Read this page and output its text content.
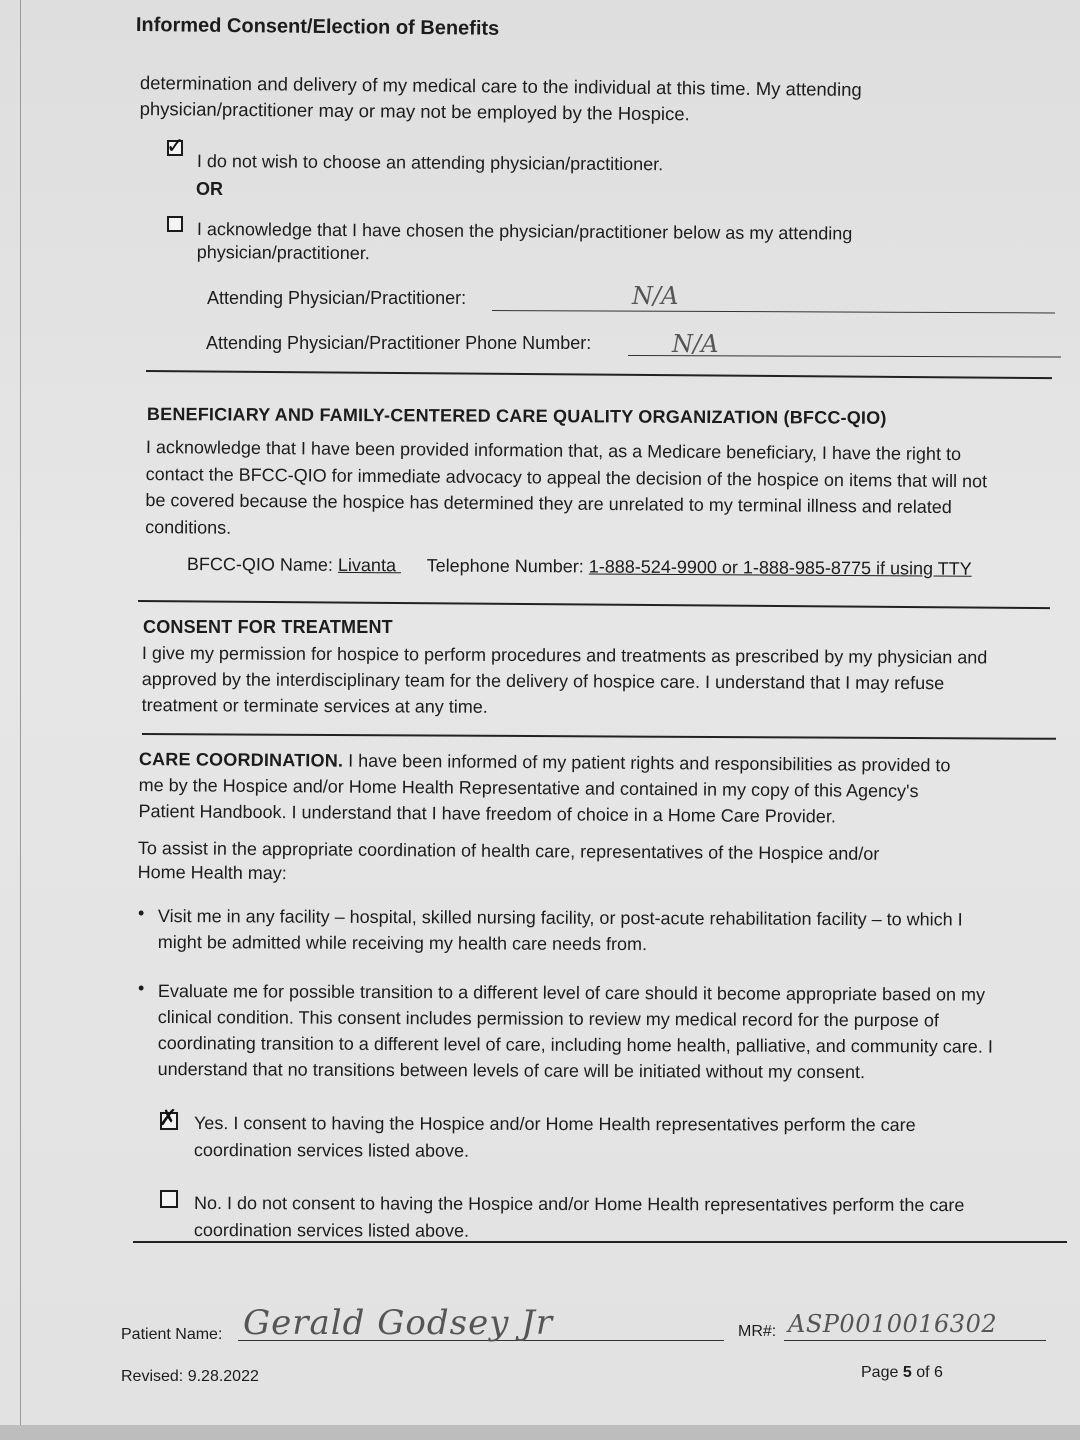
Informed Consent/Election of Benefits
determination and delivery of my medical care to the individual at this time. My attending
physician/practitioner may or may not be employed by the Hospice.
✓
I do not wish to choose an attending physician/practitioner.
OR
I acknowledge that I have chosen the physician/practitioner below as my attending
physician/practitioner.
Attending Physician/Practitioner:	N/A
Attending Physician/Practitioner Phone Number:	N/A
BENEFICIARY AND FAMILY-CENTERED CARE QUALITY ORGANIZATION (BFCC-QIO)
I acknowledge that I have been provided information that, as a Medicare beneficiary, I have the right to
contact the BFCC-QIO for immediate advocacy to appeal the decision of the hospice on items that will not
be covered because the hospice has determined they are unrelated to my terminal illness and related
conditions.
BFCC-QIO Name: Livanta Telephone Number: 1-888-524-9900 or 1-888-985-8775 if using TTY
CONSENT FOR TREATMENT
I give my permission for hospice to perform procedures and treatments as prescribed by my physician and
approved by the interdisciplinary team for the delivery of hospice care. I understand that I may refuse
treatment or terminate services at any time.
CARE COORDINATION. I have been informed of my patient rights and responsibilities as provided to
me by the Hospice and/or Home Health Representative and contained in my copy of this Agency's
Patient Handbook. I understand that I have freedom of choice in a Home Care Provider.
To assist in the appropriate coordination of health care, representatives of the Hospice and/or
Home Health may:
• Visit me in any facility – hospital, skilled nursing facility, or post-acute rehabilitation facility – to which I
might be admitted while receiving my health care needs from.
• Evaluate me for possible transition to a different level of care should it become appropriate based on my
clinical condition. This consent includes permission to review my medical record for the purpose of
coordinating transition to a different level of care, including home health, palliative, and community care. I
understand that no transitions between levels of care will be initiated without my consent.
✗ Yes. I consent to having the Hospice and/or Home Health representatives perform the care
coordination services listed above.
No. I do not consent to having the Hospice and/or Home Health representatives perform the care
coordination services listed above.
Patient Name: Gerald Godsey Jr	MR#: ASP0010016302
Revised: 9.28.2022	Page 5 of 6
